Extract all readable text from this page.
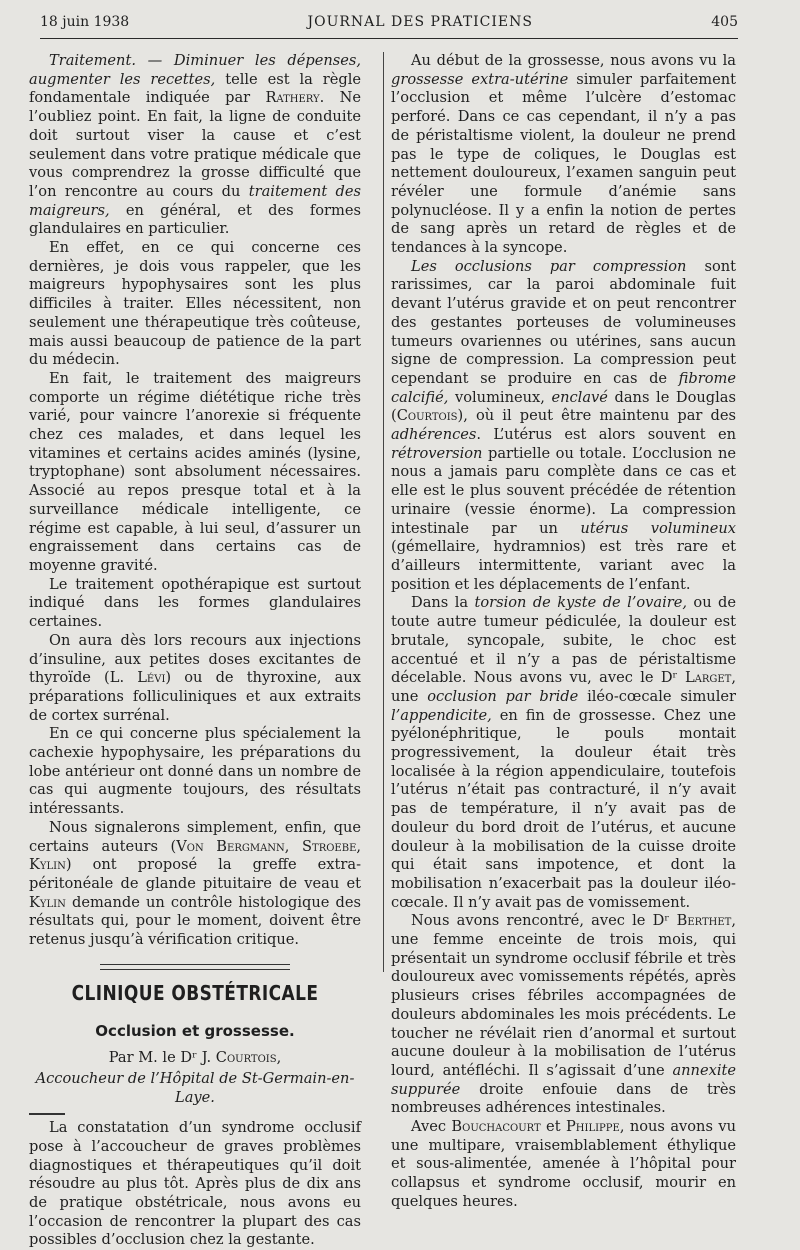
18 juin 1938	JOURNAL DES PRATICIENS	405

Traitement. — Diminuer les dépenses, augmenter les recettes, telle est la règle fondamentale indiquée par Rathery. Ne l’oubliez point. En fait, la ligne de conduite doit surtout viser la cause et c’est seulement dans votre pratique médicale que vous comprendrez la grosse difficulté que l’on rencontre au cours du traitement des maigreurs, en général, et des formes glandulaires en particulier.

En effet, en ce qui concerne ces dernières, je dois vous rappeler, que les maigreurs hypophysaires sont les plus difficiles à traiter. Elles nécessitent, non seulement une thérapeutique très coûteuse, mais aussi beaucoup de patience de la part du médecin.

En fait, le traitement des maigreurs comporte un régime diététique riche très varié, pour vaincre l’anorexie si fréquente chez ces malades, et dans lequel les vitamines et certains acides aminés (lysine, tryptophane) sont absolument nécessaires. Associé au repos presque total et à la surveillance médicale intelligente, ce régime est capable, à lui seul, d’assurer un engraissement dans certains cas de moyenne gravité.

Le traitement opothérapique est surtout indiqué dans les formes glandulaires certaines.

On aura dès lors recours aux injections d’insuline, aux petites doses excitantes de thyroïde (L. Lévi) ou de thyroxine, aux préparations folliculiniques et aux extraits de cortex surrénal.

En ce qui concerne plus spécialement la cachexie hypophysaire, les préparations du lobe antérieur ont donné dans un nombre de cas qui augmente toujours, des résultats intéressants.

Nous signalerons simplement, enfin, que certains auteurs (Von Bergmann, Stroebe, Kylin) ont proposé la greffe extra-péritonéale de glande pituitaire de veau et Kylin demande un contrôle histologique des résultats qui, pour le moment, doivent être retenus jusqu’à vérification critique.

CLINIQUE OBSTÉTRICALE
Occlusion et grossesse.
Par M. le Dʳ J. Courtois,
Accoucheur de l’Hôpital de St-Germain-en-Laye.

La constatation d’un syndrome occlusif pose à l’accoucheur de graves problèmes diagnostiques et thérapeutiques qu’il doit résoudre au plus tôt. Après plus de dix ans de pratique obstétricale, nous avons eu l’occasion de rencontrer la plupart des cas possibles d’occlusion chez la gestante.

Au début de la grossesse, nous avons vu la grossesse extra-utérine simuler parfaitement l’occlusion et même l’ulcère d’estomac perforé. Dans ce cas cependant, il n’y a pas de péristaltisme violent, la douleur ne prend pas le type de coliques, le Douglas est nettement douloureux, l’examen sanguin peut révéler une formule d’anémie sans polynucléose. Il y a enfin la notion de pertes de sang après un retard de règles et de tendances à la syncope.

Les occlusions par compression sont rarissimes, car la paroi abdominale fuit devant l’utérus gravide et on peut rencontrer des gestantes porteuses de volumineuses tumeurs ovariennes ou utérines, sans aucun signe de compression. La compression peut cependant se produire en cas de fibrome calcifié, volumineux, enclavé dans le Douglas (Courtois), où il peut être maintenu par des adhérences. L’utérus est alors souvent en rétroversion partielle ou totale. L’occlusion ne nous a jamais paru complète dans ce cas et elle est le plus souvent précédée de rétention urinaire (vessie énorme). La compression intestinale par un utérus volumineux (gémellaire, hydramnios) est très rare et d’ailleurs intermittente, variant avec la position et les déplacements de l’enfant.

Dans la torsion de kyste de l’ovaire, ou de toute autre tumeur pédiculée, la douleur est brutale, syncopale, subite, le choc est accentué et il n’y a pas de péristaltisme décelable. Nous avons vu, avec le Dʳ Larget, une occlusion par bride iléo-cœcale simuler l’appendicite, en fin de grossesse. Chez une pyélonéphritique, le pouls montait progressivement, la douleur était très localisée à la région appendiculaire, toutefois l’utérus n’était pas contracturé, il n’y avait pas de température, il n’y avait pas de douleur du bord droit de l’utérus, et aucune douleur à la mobilisation de la cuisse droite qui était sans impotence, et dont la mobilisation n’exacerbait pas la douleur iléo-cœcale. Il n’y avait pas de vomissement.

Nous avons rencontré, avec le Dʳ Berthet, une femme enceinte de trois mois, qui présentait un syndrome occlusif fébrile et très douloureux avec vomissements répétés, après plusieurs crises fébriles accompagnées de douleurs abdominales les mois précédents. Le toucher ne révélait rien d’anormal et surtout aucune douleur à la mobilisation de l’utérus lourd, antéfléchi. Il s’agissait d’une annexite suppurée droite enfouie dans de très nombreuses adhérences intestinales.

Avec Bouchacourt et Philippe, nous avons vu une multipare, vraisemblablement éthylique et sous-alimentée, amenée à l’hôpital pour collapsus et syndrome occlusif, mourir en quelques heures.
